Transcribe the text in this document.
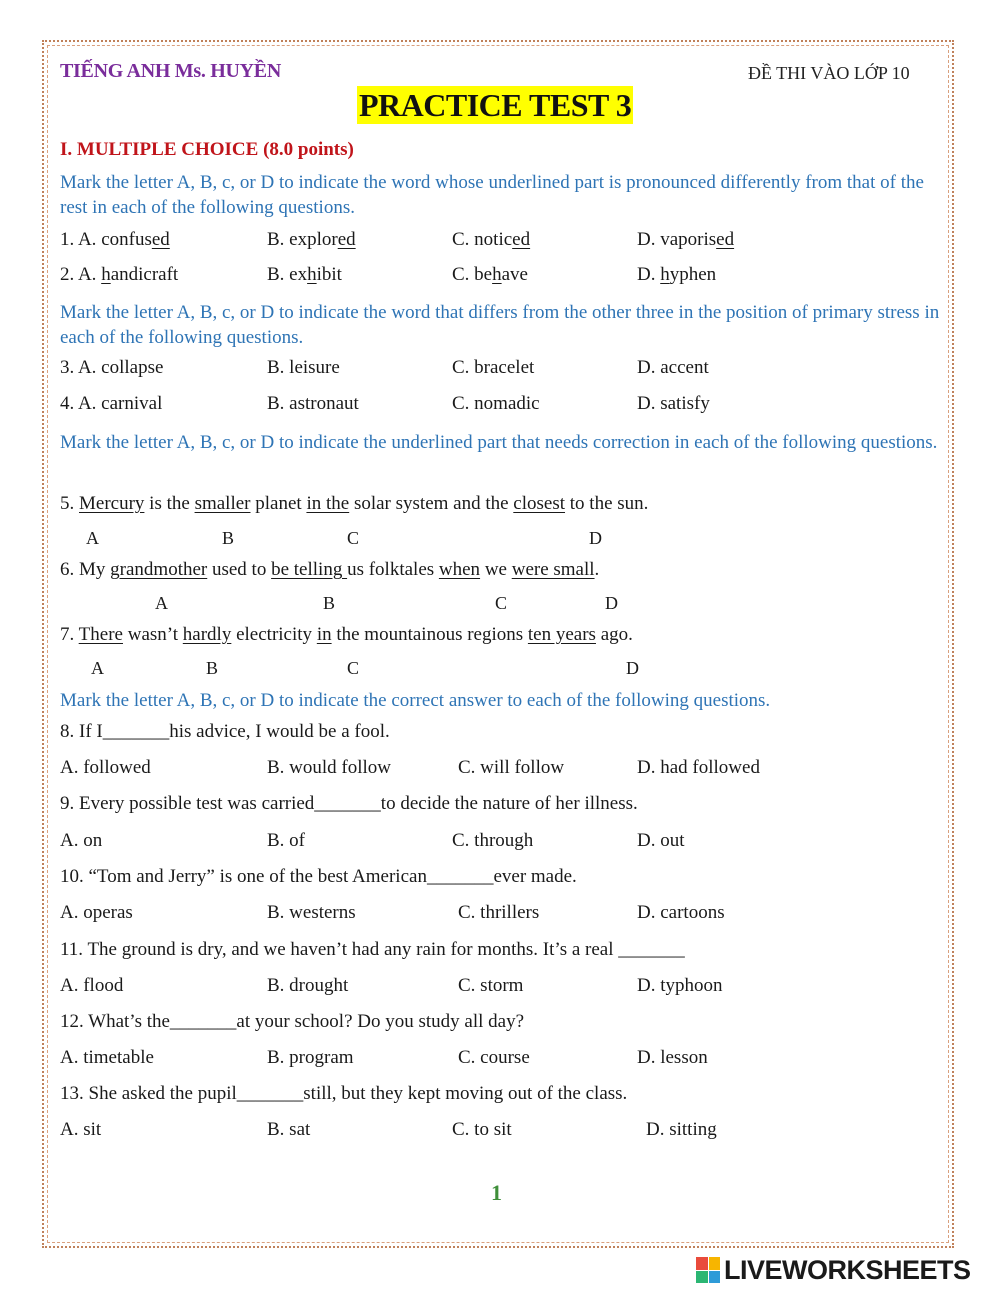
TIẾNG ANH Ms. HUYỀN	ĐỀ THI VÀO LỚP 10
PRACTICE TEST 3
I. MULTIPLE CHOICE (8.0 points)
Mark the letter A, B, c, or D to indicate the word whose underlined part is pronounced differently from that of the rest in each of the following questions.
1. A. confused	B. explored	C. noticed	D. vaporised
2. A. handicraft	B. exhibit	C. behave	D. hyphen
Mark the letter A, B, c, or D to indicate the word that differs from the other three in the position of primary stress in each of the following questions.
3. A. collapse	B. leisure	C. bracelet	D. accent
4. A. carnival	B. astronaut	C. nomadic	D. satisfy
Mark the letter A, B, c, or D to indicate the underlined part that needs correction in each of the following questions.
5. Mercury is the smaller planet in the solar system and the closest to the sun.
A	B	C	D
6. My grandmother used to be telling us folktales when we were small.
A	B	C	D
7. There wasn’t hardly electricity in the mountainous regions ten years ago.
A	B	C	D
Mark the letter A, B, c, or D to indicate the correct answer to each of the following questions.
8. If I_______his advice, I would be a fool.
A. followed	B. would follow	C. will follow	D. had followed
9. Every possible test was carried_______to decide the nature of her illness.
A. on	B. of	C. through	D. out
10. “Tom and Jerry” is one of the best American_______ever made.
A. operas	B. westerns	C. thrillers	D. cartoons
11. The ground is dry, and we haven’t had any rain for months. It’s a real _______
A. flood	B. drought	C. storm	D. typhoon
12. What’s the_______at your school? Do you study all day?
A. timetable	B. program	C. course	D. lesson
13. She asked the pupil_______still, but they kept moving out of the class.
A. sit	B. sat	C. to sit	D. sitting
1
LIVEWORKSHEETS
